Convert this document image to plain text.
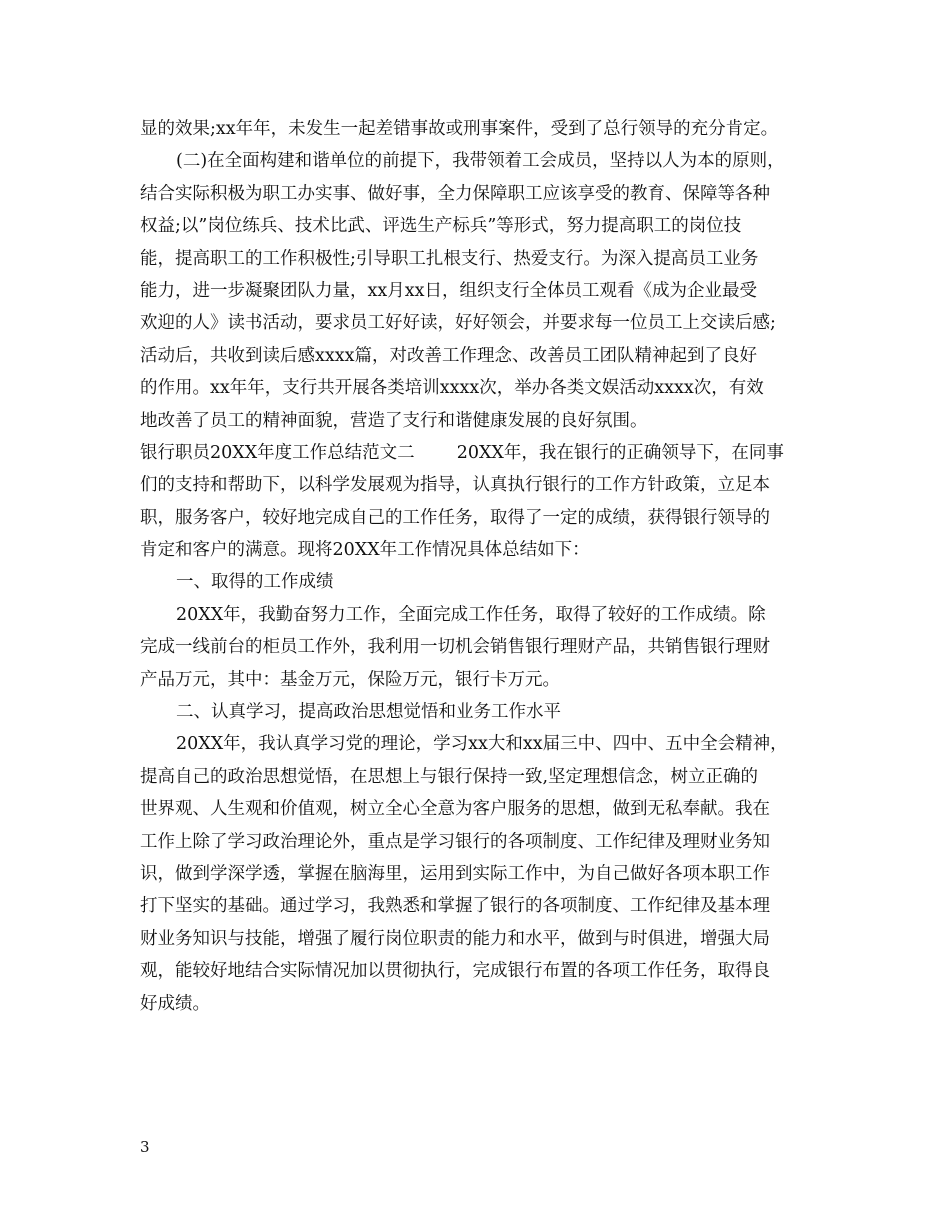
显的效果;xx年年，未发生一起差错事故或刑事案件，受到了总行领导的充分肯定。
(二)在全面构建和谐单位的前提下，我带领着工会成员，坚持以人为本的原则，
结合实际积极为职工办实事、做好事，全力保障职工应该享受的教育、保障等各种
权益;以”岗位练兵、技术比武、评选生产标兵”等形式，努力提高职工的岗位技
能，提高职工的工作积极性;引导职工扎根支行、热爱支行。为深入提高员工业务
能力，进一步凝聚团队力量，xx月xx日，组织支行全体员工观看《成为企业最受
欢迎的人》读书活动，要求员工好好读，好好领会，并要求每一位员工上交读后感;
活动后，共收到读后感xxxx篇，对改善工作理念、改善员工团队精神起到了良好
的作用。xx年年，支行共开展各类培训xxxx次，举办各类文娱活动xxxx次，有效
地改善了员工的精神面貌，营造了支行和谐健康发展的良好氛围。
银行职员20XX年度工作总结范文二 20XX年，我在银行的正确领导下，在同事
们的支持和帮助下，以科学发展观为指导，认真执行银行的工作方针政策，立足本
职，服务客户，较好地完成自己的工作任务，取得了一定的成绩，获得银行领导的
肯定和客户的满意。现将20XX年工作情况具体总结如下：
一、取得的工作成绩
20XX年，我勤奋努力工作，全面完成工作任务，取得了较好的工作成绩。除
完成一线前台的柜员工作外，我利用一切机会销售银行理财产品，共销售银行理财
产品万元，其中：基金万元，保险万元，银行卡万元。
二、认真学习，提高政治思想觉悟和业务工作水平
20XX年，我认真学习党的理论，学习xx大和xx届三中、四中、五中全会精神，
提高自己的政治思想觉悟，在思想上与银行保持一致,坚定理想信念，树立正确的
世界观、人生观和价值观，树立全心全意为客户服务的思想，做到无私奉献。我在
工作上除了学习政治理论外，重点是学习银行的各项制度、工作纪律及理财业务知
识，做到学深学透，掌握在脑海里，运用到实际工作中，为自己做好各项本职工作
打下坚实的基础。通过学习，我熟悉和掌握了银行的各项制度、工作纪律及基本理
财业务知识与技能，增强了履行岗位职责的能力和水平，做到与时俱进，增强大局
观，能较好地结合实际情况加以贯彻执行，完成银行布置的各项工作任务，取得良
好成绩。
3
